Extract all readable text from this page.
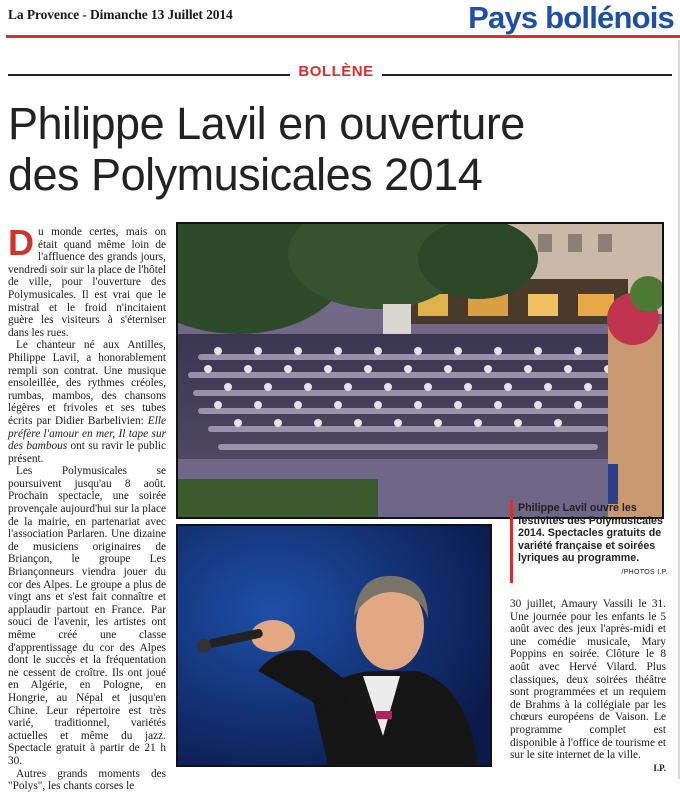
La Provence - Dimanche 13 Juillet 2014	Pays bollénois
BOLLÈNE
Philippe Lavil en ouverture
des Polymusicales 2014

Du monde certes, mais on était quand même loin de l'affluence des grands jours, vendredi soir sur la place de l'hôtel de ville, pour l'ouverture des Polymusicales. Il est vrai que le mistral et le froid n'incitaient guère les visiteurs à s'éterniser dans les rues.

Le chanteur né aux Antilles, Philippe Lavil, a honorablement rempli son contrat. Une musique ensoleillée, des rythmes créoles, rumbas, mambos, des chansons légères et frivoles et ses tubes écrits par Didier Barbelivien: Elle préfère l'amour en mer, Il tape sur des bambous ont su ravir le public présent.

Les Polymusicales se poursuivent jusqu'au 8 août. Prochain spectacle, une soirée provençale aujourd'hui sur la place de la mairie, en partenariat avec l'association Parlaren. Une dizaine de musiciens originaires de Briançon, le groupe Les Briançonneurs viendra jouer du cor des Alpes. Le groupe a plus de vingt ans et s'est fait connaître et applaudir partout en France. Par souci de l'avenir, les artistes ont même créé une classe d'apprentissage du cor des Alpes dont le succès et la fréquentation ne cessent de croître. Ils ont joué en Algérie, en Pologne, en Hongrie, au Népal et jusqu'en Chine. Leur répertoire est très varié, traditionnel, variétés actuelles et même du jazz. Spectacle gratuit à partir de 21 h 30.

Autres grands moments des "Polys", les chants corses le

Philippe Lavil ouvre les festivités des Polymusicales 2014. Spectacles gratuits de variété française et soirées lyriques au programme.
/PHOTOS I.P.

30 juillet, Amaury Vassili le 31. Une journée pour les enfants le 5 août avec des jeux l'après-midi et une comédie musicale, Mary Poppins en soirée. Clôture le 8 août avec Hervé Vilard. Plus classiques, deux soirées théâtre sont programmées et un requiem de Brahms à la collégiale par les chœurs européens de Vaison. Le programme complet est disponible à l'office de tourisme et sur le site internet de la ville.

I.P.
